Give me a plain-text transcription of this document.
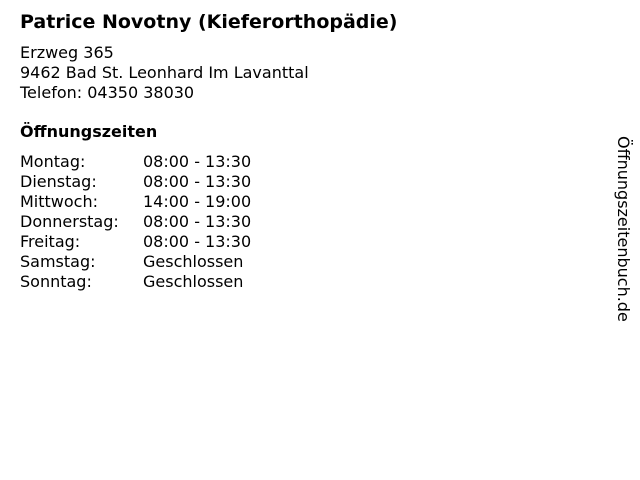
Patrice Novotny (Kieferorthopädie)
Erzweg 365
9462 Bad St. Leonhard Im Lavanttal
Telefon: 04350 38030
Öffnungszeiten
Montag:	08:00 - 13:30
Dienstag:	08:00 - 13:30
Mittwoch:	14:00 - 19:00
Donnerstag:	08:00 - 13:30
Freitag:	08:00 - 13:30
Samstag:	Geschlossen
Sonntag:	Geschlossen	Öffnungszeitenbuch.de
